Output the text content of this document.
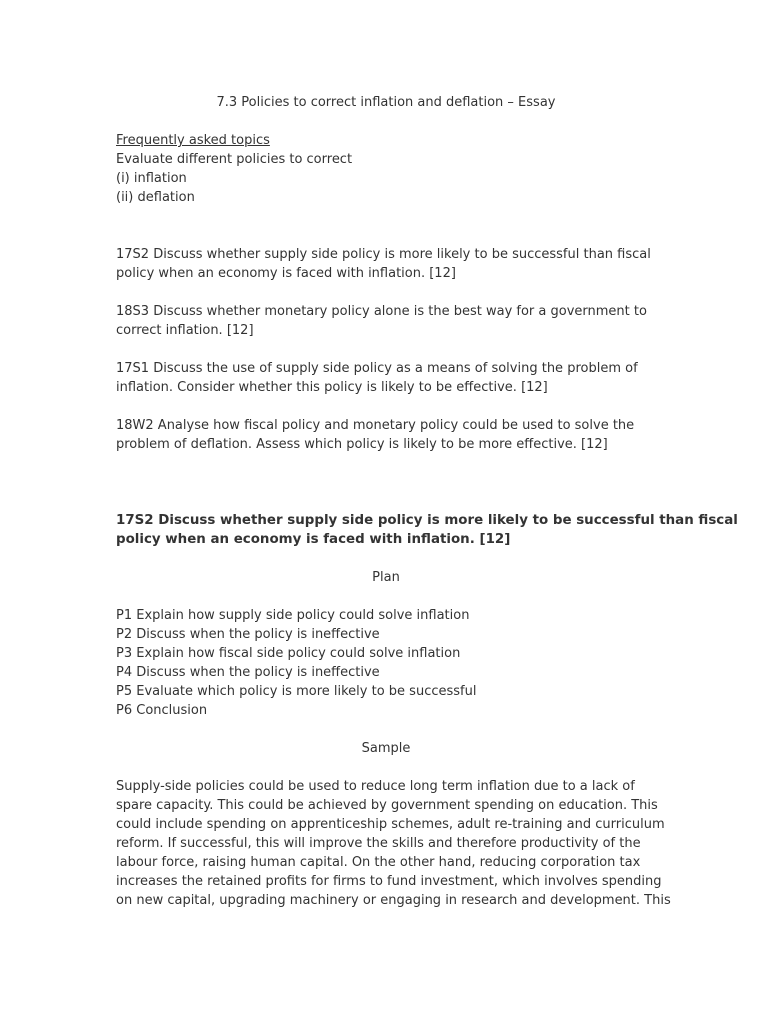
7.3 Policies to correct inflation and deflation – Essay

Frequently asked topics

Evaluate different policies to correct

(i) inflation

(ii) deflation

17S2 Discuss whether supply side policy is more likely to be successful than fiscal

policy when an economy is faced with inflation. [12]

18S3 Discuss whether monetary policy alone is the best way for a government to

correct inflation. [12]

17S1 Discuss the use of supply side policy as a means of solving the problem of

inflation. Consider whether this policy is likely to be effective. [12]

18W2 Analyse how fiscal policy and monetary policy could be used to solve the

problem of deflation. Assess which policy is likely to be more effective. [12]

17S2 Discuss whether supply side policy is more likely to be successful than fiscal

policy when an economy is faced with inflation. [12]

Plan

P1 Explain how supply side policy could solve inflation

P2 Discuss when the policy is ineffective

P3 Explain how fiscal side policy could solve inflation

P4 Discuss when the policy is ineffective

P5 Evaluate which policy is more likely to be successful

P6 Conclusion

Sample

Supply-side policies could be used to reduce long term inflation due to a lack of

spare capacity. This could be achieved by government spending on education. This

could include spending on apprenticeship schemes, adult re-training and curriculum

reform. If successful, this will improve the skills and therefore productivity of the

labour force, raising human capital. On the other hand, reducing corporation tax

increases the retained profits for firms to fund investment, which involves spending

on new capital, upgrading machinery or engaging in research and development. This
